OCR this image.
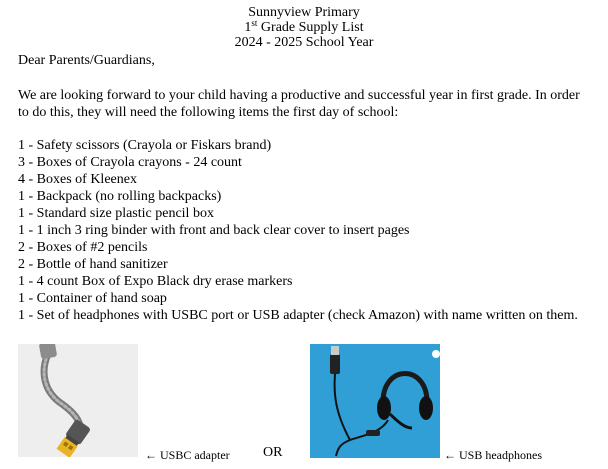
Sunnyview Primary
1st Grade Supply List
2024 - 2025 School Year
Dear Parents/Guardians,
We are looking forward to your child having a productive and successful year in first grade. In order to do this, they will need the following items the first day of school:
1 - Safety scissors (Crayola or Fiskars brand)
3 - Boxes of Crayola crayons - 24 count
4 - Boxes of Kleenex
1 - Backpack (no rolling backpacks)
1 - Standard size plastic pencil box
1 - 1 inch 3 ring binder with front and back clear cover to insert pages
2 - Boxes of #2 pencils
2 - Bottle of hand sanitizer
1 - 4 count Box of Expo Black dry erase markers
1 - Container of hand soap
1 - Set of headphones with USBC port or USB adapter (check Amazon) with name written on them.
← USBC adapter OR	← USB headphones
